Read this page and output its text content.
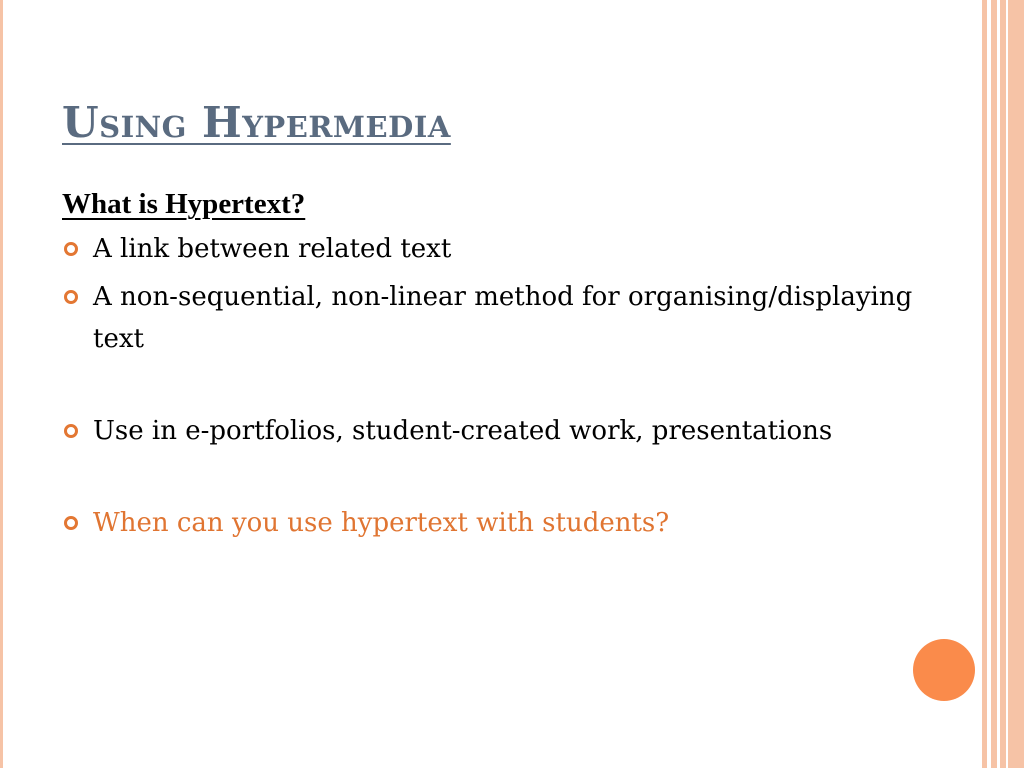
Using Hypermedia
What is Hypertext?
A link between related text
A non-sequential, non-linear method for organising/displaying text
Use in e-portfolios, student-created work, presentations
When can you use hypertext with students?
